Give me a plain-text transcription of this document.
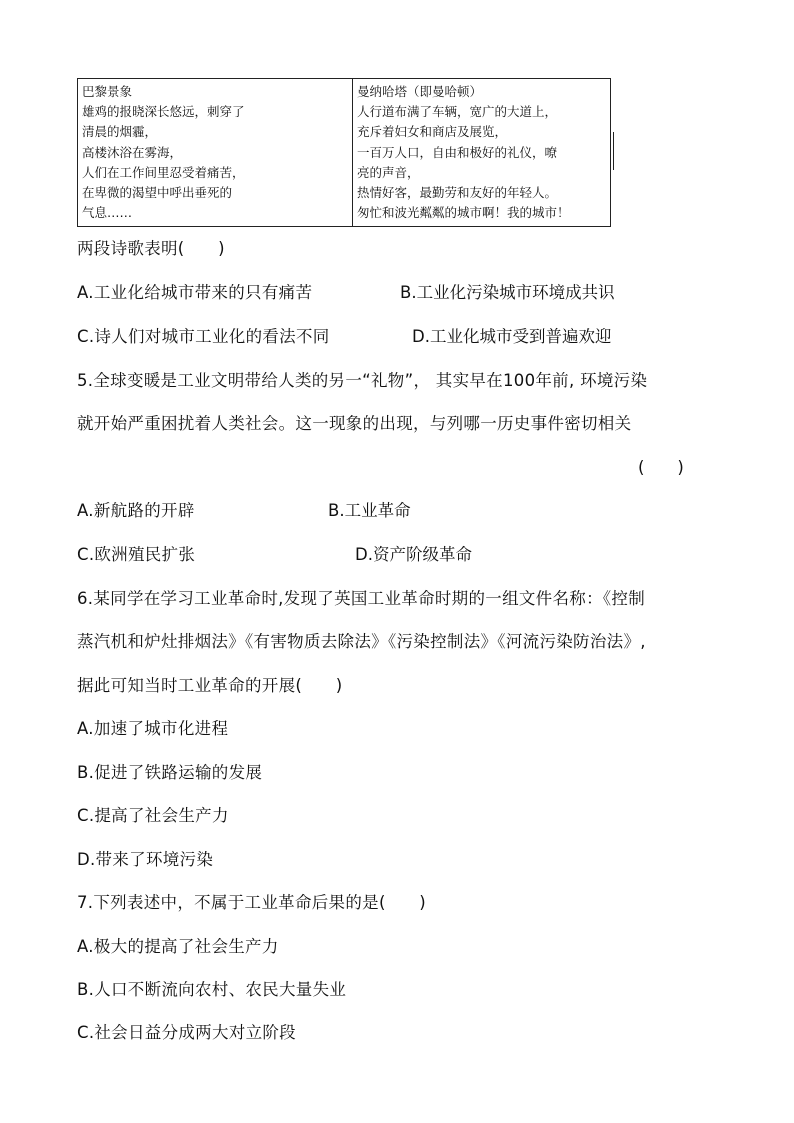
巴黎景象
雄鸡的报晓深长悠远，刺穿了
清晨的烟霾，
高楼沐浴在雾海，
人们在工作间里忍受着痛苦，
在卑微的渴望中呼出垂死的
气息……

曼纳哈塔（即曼哈顿）
人行道布满了车辆，宽广的大道上，
充斥着妇女和商店及展览，
一百万人口，自由和极好的礼仪，嘹
亮的声音，
热情好客，最勤劳和友好的年轻人。
匆忙和波光粼粼的城市啊！我的城市！
两段诗歌表明(　　)
A.工业化给城市带来的只有痛苦	B.工业化污染城市环境成共识
C.诗人们对城市工业化的看法不同	D.工业化城市受到普遍欢迎
5.全球变暖是工业文明带给人类的另一“礼物”， 其实早在100年前, 环境污染
就开始严重困扰着人类社会。这一现象的出现，与列哪一历史事件密切相关
(　　)
A.新航路的开辟	B.工业革命
C.欧洲殖民扩张	D.资产阶级革命
6.某同学在学习工业革命时,发现了英国工业革命时期的一组文件名称：《控制
蒸汽机和炉灶排烟法》《有害物质去除法》《污染控制法》《河流污染防治法》,
据此可知当时工业革命的开展(　　)
A.加速了城市化进程
B.促进了铁路运输的发展
C.提高了社会生产力
D.带来了环境污染
7.下列表述中，不属于工业革命后果的是(　　)
A.极大的提高了社会生产力
B.人口不断流向农村、农民大量失业
C.社会日益分成两大对立阶段
